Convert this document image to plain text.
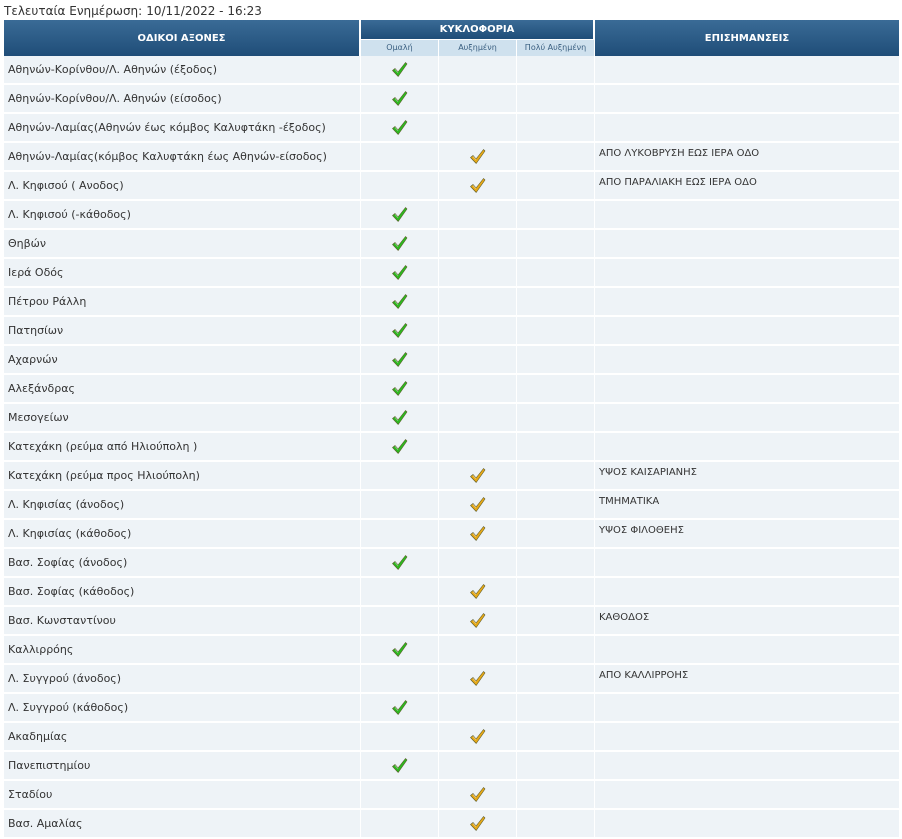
Τελευταία Ενημέρωση: 10/11/2022 - 16:23
ΟΔΙΚΟΙ ΑΞΟΝΕΣ	ΚΥΚΛΟΦΟΡΙΑ			ΕΠΙΣΗΜΑΝΣΕΙΣ
	Ομαλή	Αυξημένη	Πολύ Αυξημένη	
Αθηνών-Κορίνθου/Λ. Αθηνών (έξοδος)				
Αθηνών-Κορίνθου/Λ. Αθηνών (είσοδος)				
Αθηνών-Λαμίας(Αθηνών έως κόμβος Καλυφτάκη -έξοδος)				
Αθηνών-Λαμίας(κόμβος Καλυφτάκη έως Αθηνών-είσοδος)				ΑΠΟ ΛΥΚΟΒΡΥΣΗ ΕΩΣ ΙΕΡΑ ΟΔΟ
Λ. Κηφισού ( Ανοδος)				ΑΠΟ ΠΑΡΑΛΙΑΚΗ ΕΩΣ ΙΕΡΑ ΟΔΟ
Λ. Κηφισού (-κάθοδος)				
Θηβών				
Ιερά Οδός				
Πέτρου Ράλλη				
Πατησίων				
Αχαρνών				
Αλεξάνδρας				
Μεσογείων				
Κατεχάκη (ρεύμα από Ηλιούπολη )				
Κατεχάκη (ρεύμα προς Ηλιούπολη)				ΥΨΟΣ ΚΑΙΣΑΡΙΑΝΗΣ
Λ. Κηφισίας (άνοδος)				ΤΜΗΜΑΤΙΚΑ
Λ. Κηφισίας (κάθοδος)				ΥΨΟΣ ΦΙΛΟΘΕΗΣ
Βασ. Σοφίας (άνοδος)				
Βασ. Σοφίας (κάθοδος)				
Βασ. Κωνσταντίνου				ΚΑΘΟΔΟΣ
Καλλιρρόης				
Λ. Συγγρού (άνοδος)				ΑΠΟ ΚΑΛΛΙΡΡΟΗΣ
Λ. Συγγρού (κάθοδος)				
Ακαδημίας				
Πανεπιστημίου				
Σταδίου				
Βασ. Αμαλίας				
